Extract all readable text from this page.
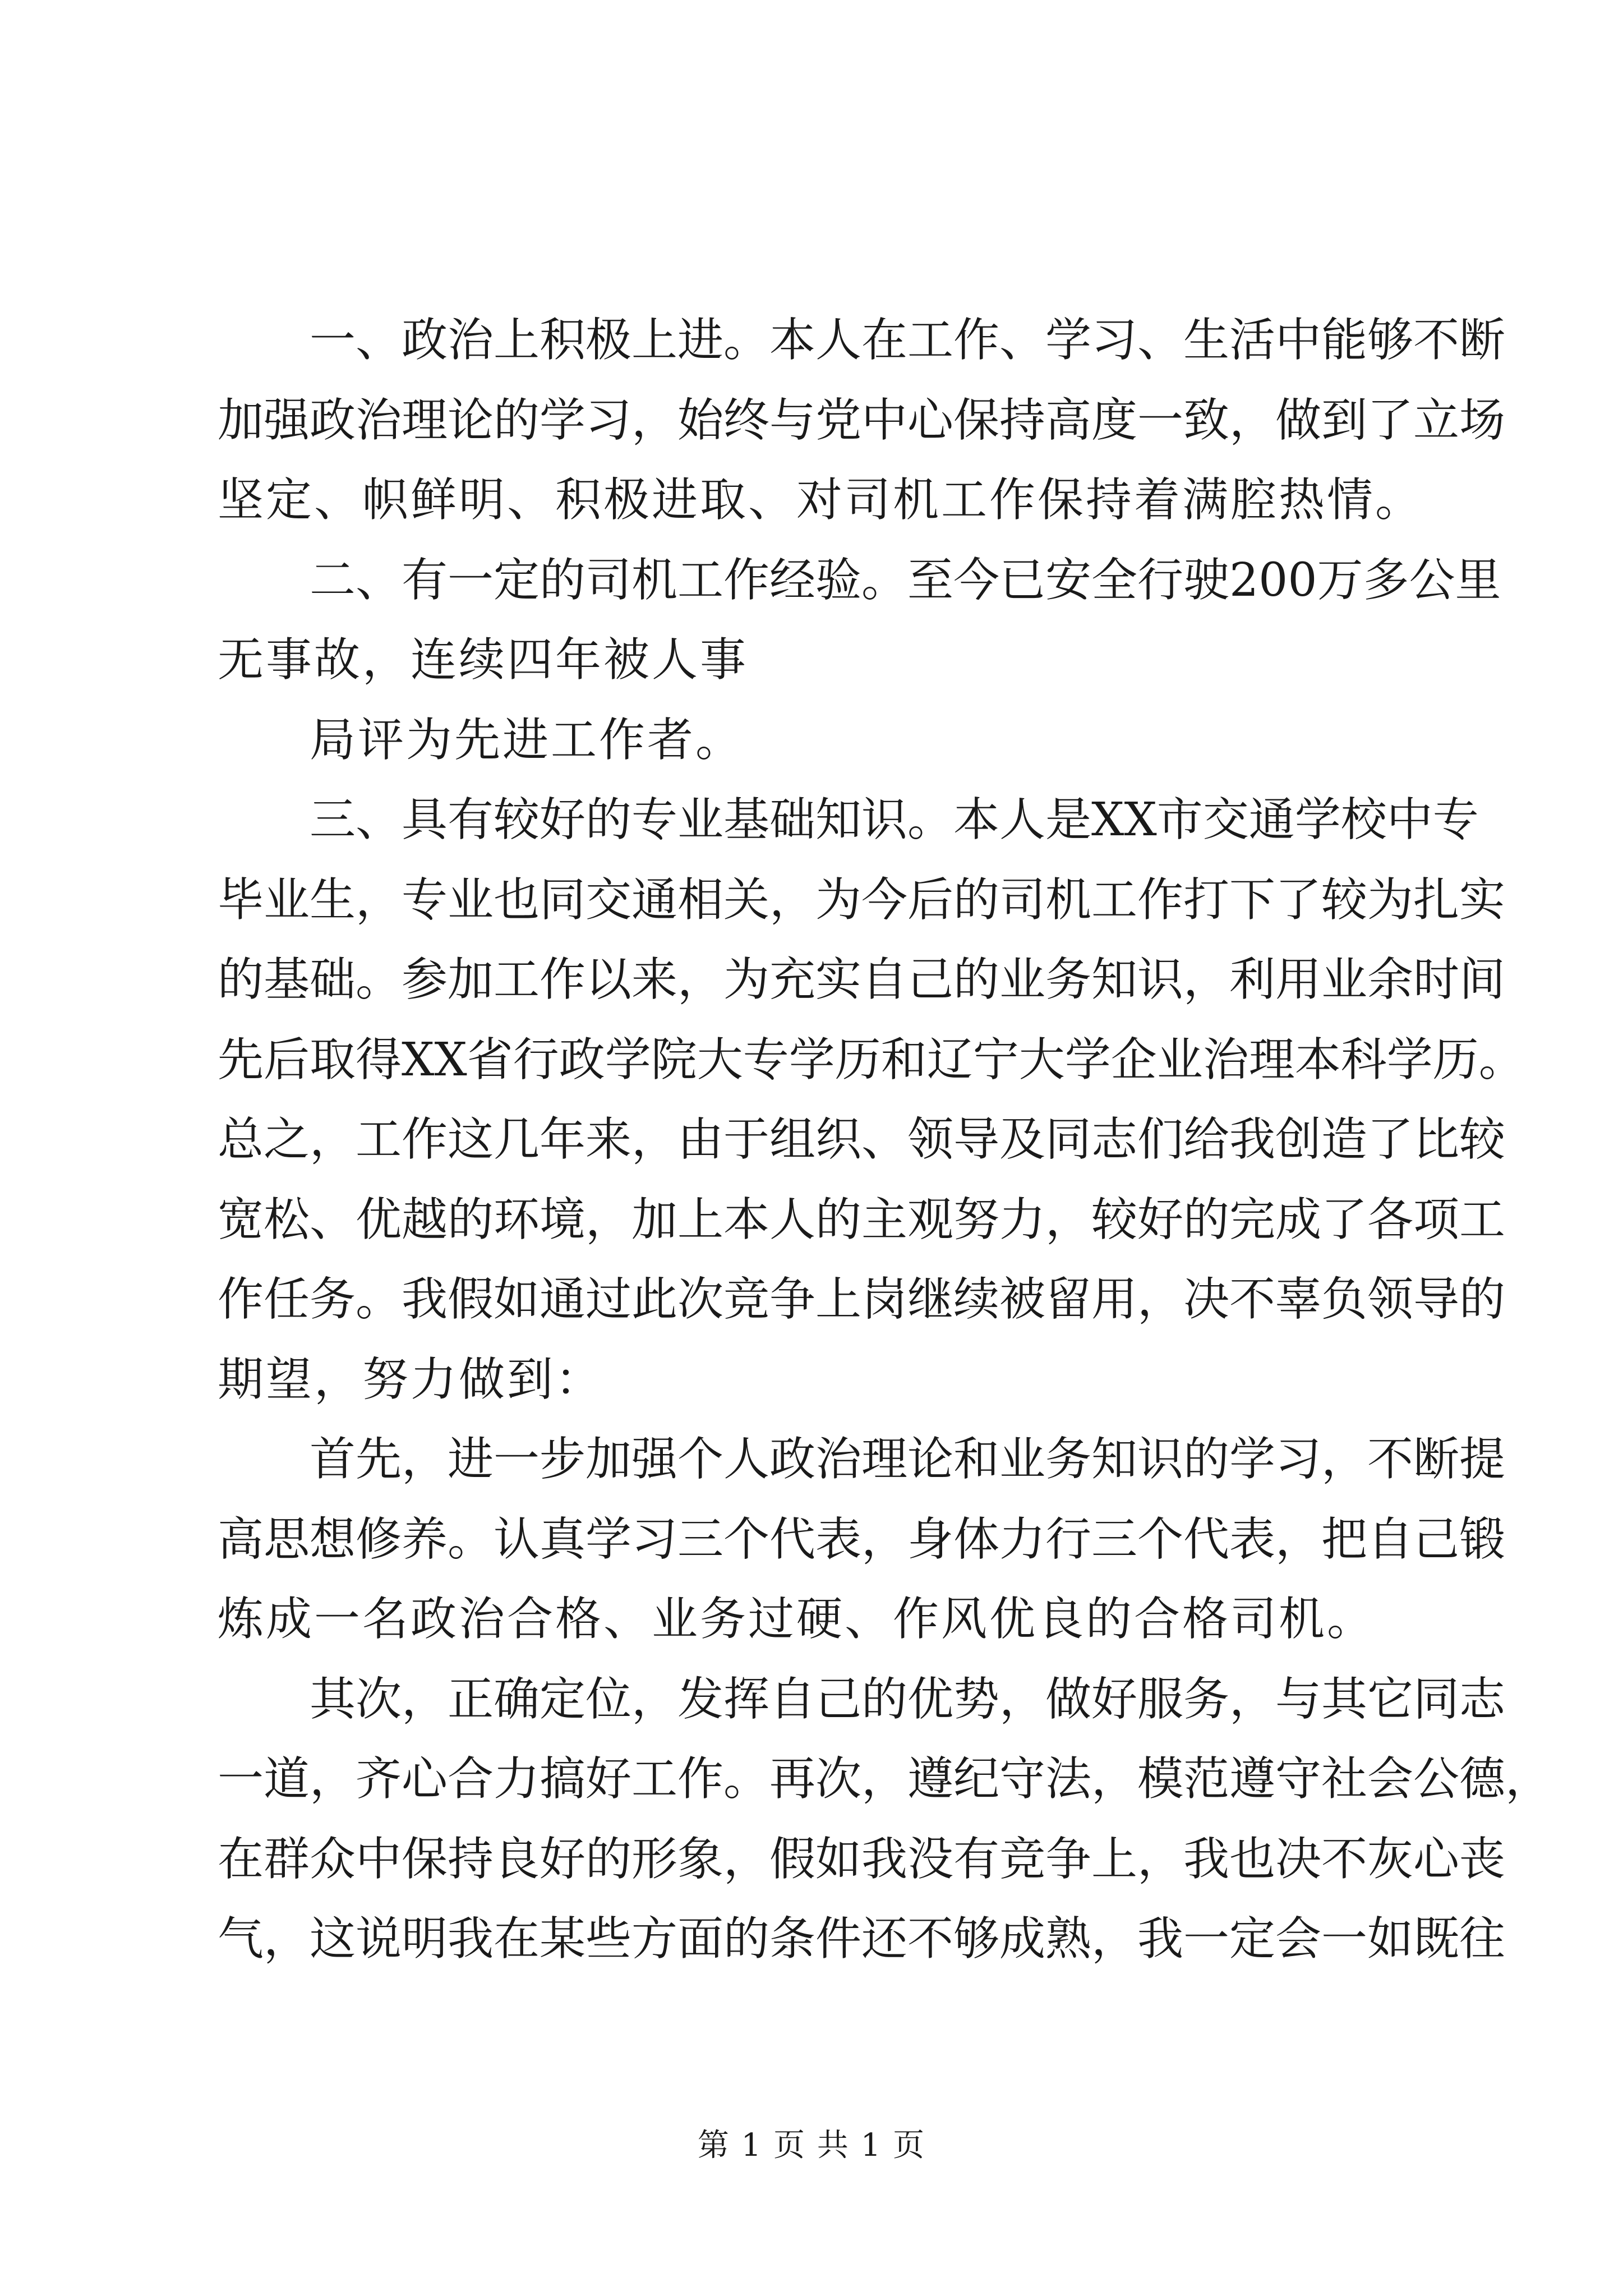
一、政治上积极上进。本人在工作、学习、生活中能够不断
加强政治理论的学习，始终与党中心保持高度一致，做到了立场
坚定、帜鲜明、积极进取、对司机工作保持着满腔热情。
二、有一定的司机工作经验。至今已安全行驶200万多公里
无事故，连续四年被人事
局评为先进工作者。
三、具有较好的专业基础知识。本人是XX市交通学校中专
毕业生，专业也同交通相关，为今后的司机工作打下了较为扎实
的基础。参加工作以来，为充实自己的业务知识，利用业余时间
先后取得XX省行政学院大专学历和辽宁大学企业治理本科学历。
总之，工作这几年来，由于组织、领导及同志们给我创造了比较
宽松、优越的环境，加上本人的主观努力，较好的完成了各项工
作任务。我假如通过此次竞争上岗继续被留用，决不辜负领导的
期望，努力做到：
首先，进一步加强个人政治理论和业务知识的学习，不断提
高思想修养。认真学习三个代表，身体力行三个代表，把自己锻
炼成一名政治合格、业务过硬、作风优良的合格司机。
其次，正确定位，发挥自己的优势，做好服务，与其它同志
一道，齐心合力搞好工作。再次，遵纪守法，模范遵守社会公德，
在群众中保持良好的形象，假如我没有竞争上，我也决不灰心丧
气，这说明我在某些方面的条件还不够成熟，我一定会一如既往
第 1 页 共 1 页
